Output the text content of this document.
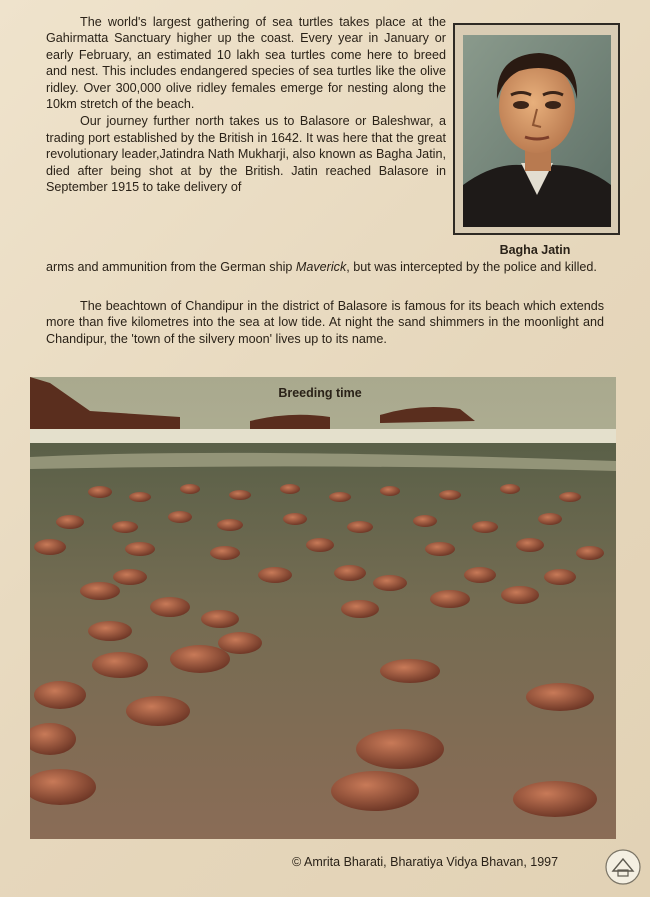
The world's largest gathering of sea turtles takes place at the Gahirmatta Sanctuary higher up the coast. Every year in January or early February, an estimated 10 lakh sea turtles come here to breed and nest. This includes endangered species of sea turtles like the olive ridley. Over 300,000 olive ridley females emerge for nesting along the 10km stretch of the beach.

Our journey further north takes us to Balasore or Baleshwar, a trading port established by the British in 1642. It was here that the great revolutionary leader,Jatindra Nath Mukharji, also known as Bagha Jatin, died after being shot at by the British. Jatin reached Balasore in September 1915 to take delivery of

arms and ammunition from the German ship Maverick, but was intercepted by the police and killed.
The beachtown of Chandipur in the district of Balasore is famous for its beach which extends more than five kilometres into the sea at low tide. At night the sand shimmers in the moonlight and Chandipur, the 'town of the silvery moon' lives up to its name.
Bagha Jatin
Breeding time
© Amrita Bharati, Bharatiya Vidya Bhavan, 1997
